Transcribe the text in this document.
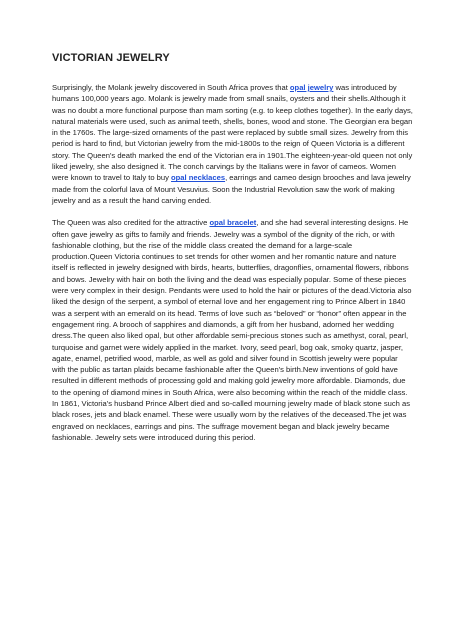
VICTORIAN JEWELRY

Surprisingly, the Molank jewelry discovered in South Africa proves that opal jewelry was introduced by humans 100,000 years ago. Molank is jewelry made from small snails, oysters and their shells.Although it was no doubt a more functional purpose than mam sorting (e.g. to keep clothes together). In the early days, natural materials were used, such as animal teeth, shells, bones, wood and stone. The Georgian era began in the 1760s. The large-sized ornaments of the past were replaced by subtle small sizes. Jewelry from this period is hard to find, but Victorian jewelry from the mid-1800s to the reign of Queen Victoria is a different story. The Queen's death marked the end of the Victorian era in 1901.The eighteen-year-old queen not only liked jewelry, she also designed it. The conch carvings by the Italians were in favor of cameos. Women were known to travel to Italy to buy opal necklaces, earrings and cameo design brooches and lava jewelry made from the colorful lava of Mount Vesuvius. Soon the Industrial Revolution saw the work of making jewelry and as a result the hand carving ended.

The Queen was also credited for the attractive opal bracelet, and she had several interesting designs. He often gave jewelry as gifts to family and friends. Jewelry was a symbol of the dignity of the rich, or with fashionable clothing, but the rise of the middle class created the demand for a large-scale production.Queen Victoria continues to set trends for other women and her romantic nature and nature itself is reflected in jewelry designed with birds, hearts, butterflies, dragonflies, ornamental flowers, ribbons and bows. Jewelry with hair on both the living and the dead was especially popular. Some of these pieces were very complex in their design. Pendants were used to hold the hair or pictures of the dead.Victoria also liked the design of the serpent, a symbol of eternal love and her engagement ring to Prince Albert in 1840 was a serpent with an emerald on its head. Terms of love such as “beloved” or “honor” often appear in the engagement ring. A brooch of sapphires and diamonds, a gift from her husband, adorned her wedding dress.The queen also liked opal, but other affordable semi-precious stones such as amethyst, coral, pearl, turquoise and garnet were widely applied in the market. Ivory, seed pearl, bog oak, smoky quartz, jasper, agate, enamel, petrified wood, marble, as well as gold and silver found in Scottish jewelry were popular with the public as tartan plaids became fashionable after the Queen's birth.New inventions of gold have resulted in different methods of processing gold and making gold jewelry more affordable. Diamonds, due to the opening of diamond mines in South Africa, were also becoming within the reach of the middle class. In 1861, Victoria's husband Prince Albert died and so-called mourning jewelry made of black stone such as black roses, jets and black enamel. These were usually worn by the relatives of the deceased.The jet was engraved on necklaces, earrings and pins. The suffrage movement began and black jewelry became fashionable. Jewelry sets were introduced during this period.
